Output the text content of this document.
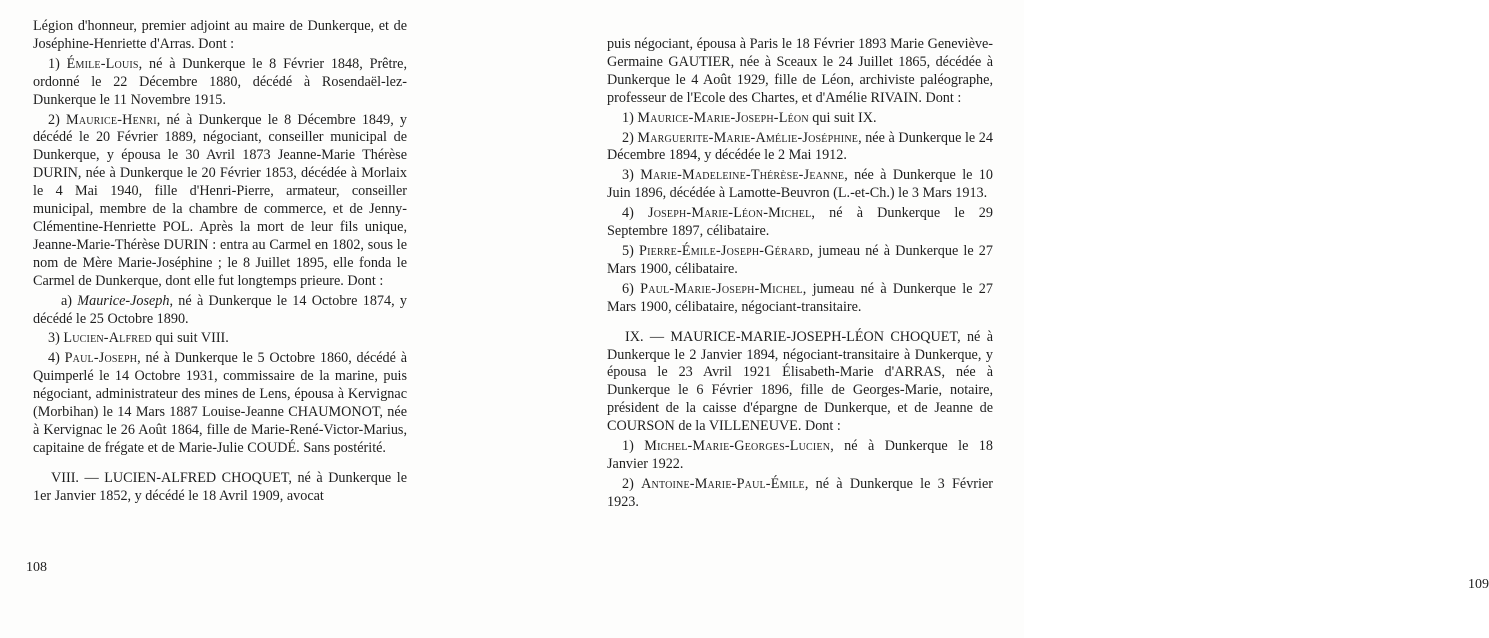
Légion d'honneur, premier adjoint au maire de Dunkerque, et de Joséphine-Henriette d'Arras. Dont :

1) Émile-Louis, né à Dunkerque le 8 Février 1848, Prêtre, ordonné le 22 Décembre 1880, décédé à Rosendaël-lez-Dunkerque le 11 Novembre 1915.

2) Maurice-Henri, né à Dunkerque le 8 Décembre 1849, y décédé le 20 Février 1889, négociant, conseiller municipal de Dunkerque, y épousa le 30 Avril 1873 Jeanne-Marie Thérèse DURIN, née à Dunkerque le 20 Février 1853, décédée à Morlaix le 4 Mai 1940, fille d'Henri-Pierre, armateur, conseiller municipal, membre de la chambre de commerce, et de Jenny-Clémentine-Henriette POL. Après la mort de leur fils unique, Jeanne-Marie-Thérèse DURIN : entra au Carmel en 1802, sous le nom de Mère Marie-Joséphine ; le 8 Juillet 1895, elle fonda le Carmel de Dunkerque, dont elle fut longtemps prieure. Dont :

a) Maurice-Joseph, né à Dunkerque le 14 Octobre 1874, y décédé le 25 Octobre 1890.

3) Lucien-Alfred qui suit VIII.

4) Paul-Joseph, né à Dunkerque le 5 Octobre 1860, décédé à Quimperlé le 14 Octobre 1931, commissaire de la marine, puis négociant, administrateur des mines de Lens, épousa à Kervignac (Morbihan) le 14 Mars 1887 Louise-Jeanne CHAUMONOT, née à Kervignac le 26 Août 1864, fille de Marie-René-Victor-Marius, capitaine de frégate et de Marie-Julie COUDÉ. Sans postérité.

VIII. — LUCIEN-ALFRED CHOQUET, né à Dunkerque le 1er Janvier 1852, y décédé le 18 Avril 1909, avocat

108

puis négociant, épousa à Paris le 18 Février 1893 Marie Geneviève-Germaine GAUTIER, née à Sceaux le 24 Juillet 1865, décédée à Dunkerque le 4 Août 1929, fille de Léon, archiviste paléographe, professeur de l'Ecole des Chartes, et d'Amélie RIVAIN. Dont :

1) Maurice-Marie-Joseph-Léon qui suit IX.

2) Marguerite-Marie-Amélie-Joséphine, née à Dunkerque le 24 Décembre 1894, y décédée le 2 Mai 1912.

3) Marie-Madeleine-Thérèse-Jeanne, née à Dunkerque le 10 Juin 1896, décédée à Lamotte-Beuvron (L.-et-Ch.) le 3 Mars 1913.

4) Joseph-Marie-Léon-Michel, né à Dunkerque le 29 Septembre 1897, célibataire.

5) Pierre-Émile-Joseph-Gérard, jumeau né à Dunkerque le 27 Mars 1900, célibataire.

6) Paul-Marie-Joseph-Michel, jumeau né à Dunkerque le 27 Mars 1900, célibataire, négociant-transitaire.

IX. — MAURICE-MARIE-JOSEPH-LÉON CHOQUET, né à Dunkerque le 2 Janvier 1894, négociant-transitaire à Dunkerque, y épousa le 23 Avril 1921 Élisabeth-Marie d'ARRAS, née à Dunkerque le 6 Février 1896, fille de Georges-Marie, notaire, président de la caisse d'épargne de Dunkerque, et de Jeanne de COURSON de la VILLENEUVE. Dont :

1) Michel-Marie-Georges-Lucien, né à Dunkerque le 18 Janvier 1922.

2) Antoine-Marie-Paul-Émile, né à Dunkerque le 3 Février 1923.

109
